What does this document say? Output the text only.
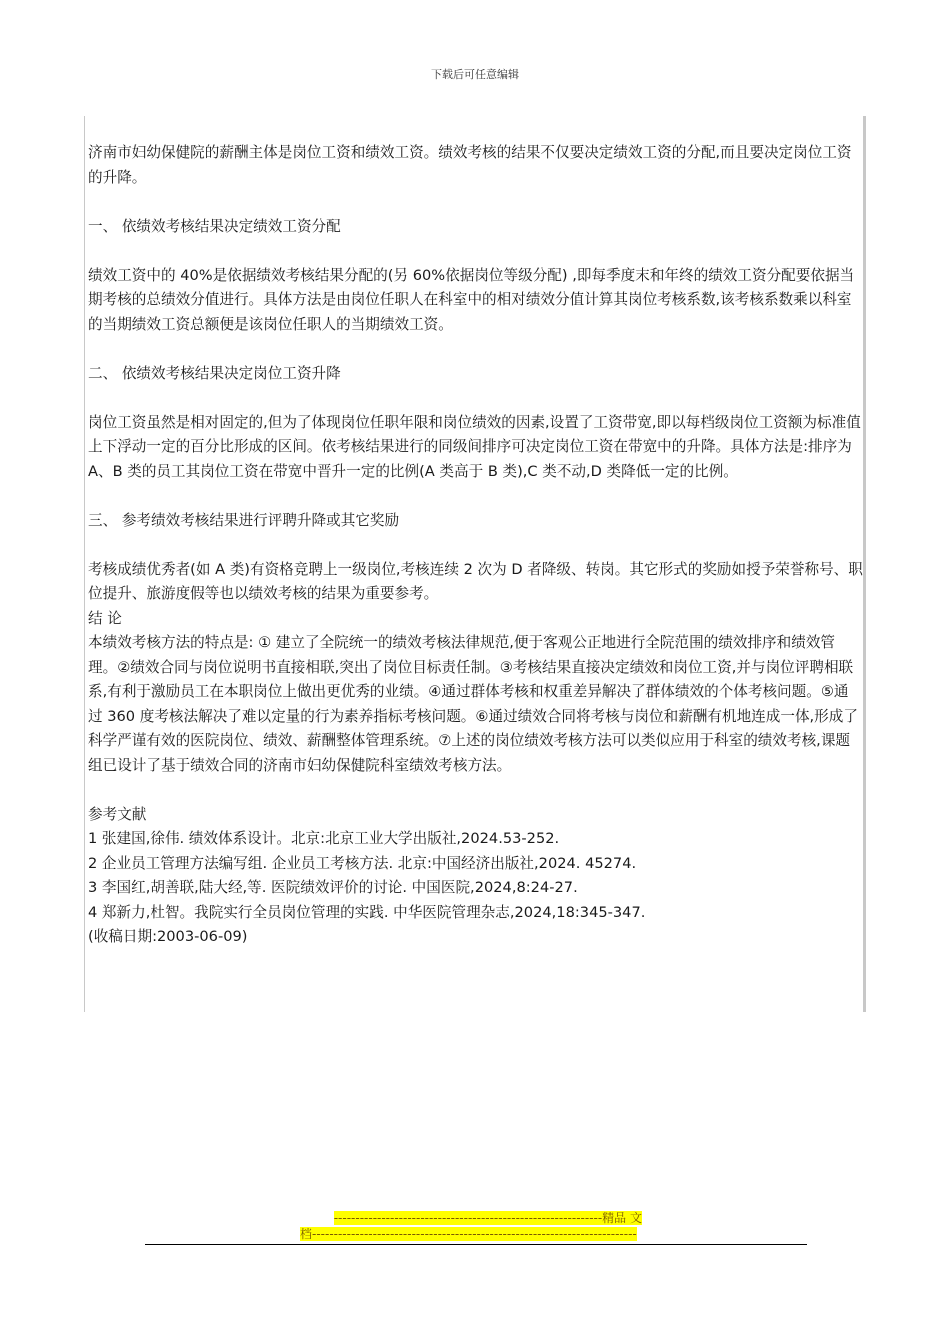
下载后可任意编辑

济南市妇幼保健院的薪酬主体是岗位工资和绩效工资。绩效考核的结果不仅要决定绩效工资的分配,而且要决定岗位工资的升降。

一、 依绩效考核结果决定绩效工资分配

绩效工资中的 40%是依据绩效考核结果分配的(另 60%依据岗位等级分配) ,即每季度末和年终的绩效工资分配要依据当期考核的总绩效分值进行。具体方法是由岗位任职人在科室中的相对绩效分值计算其岗位考核系数,该考核系数乘以科室的当期绩效工资总额便是该岗位任职人的当期绩效工资。

二、 依绩效考核结果决定岗位工资升降

岗位工资虽然是相对固定的,但为了体现岗位任职年限和岗位绩效的因素,设置了工资带宽,即以每档级岗位工资额为标准值上下浮动一定的百分比形成的区间。依考核结果进行的同级间排序可决定岗位工资在带宽中的升降。具体方法是:排序为 A、B 类的员工其岗位工资在带宽中晋升一定的比例(A 类高于 B 类),C 类不动,D 类降低一定的比例。

三、 参考绩效考核结果进行评聘升降或其它奖励

考核成绩优秀者(如 A 类)有资格竞聘上一级岗位,考核连续 2 次为 D 者降级、转岗。其它形式的奖励如授予荣誉称号、职位提升、旅游度假等也以绩效考核的结果为重要参考。

结 论

本绩效考核方法的特点是: ① 建立了全院统一的绩效考核法律规范,便于客观公正地进行全院范围的绩效排序和绩效管理。②绩效合同与岗位说明书直接相联,突出了岗位目标责任制。③考核结果直接决定绩效和岗位工资,并与岗位评聘相联系,有利于激励员工在本职岗位上做出更优秀的业绩。④通过群体考核和权重差异解决了群体绩效的个体考核问题。⑤通过 360 度考核法解决了难以定量的行为素养指标考核问题。⑥通过绩效合同将考核与岗位和薪酬有机地连成一体,形成了科学严谨有效的医院岗位、绩效、薪酬整体管理系统。⑦上述的岗位绩效考核方法可以类似应用于科室的绩效考核,课题组已设计了基于绩效合同的济南市妇幼保健院科室绩效考核方法。

参考文献

1 张建国,徐伟. 绩效体系设计。北京:北京工业大学出版社,2024.53-252.

2 企业员工管理方法编写组. 企业员工考核方法. 北京:中国经济出版社,2024. 45274.

3 李国红,胡善联,陆大经,等. 医院绩效评价的讨论. 中国医院,2024,8:24-27.

4 郑新力,杜智。我院实行全员岗位管理的实践. 中华医院管理杂志,2024,18:345-347.

(收稿日期:2003-06-09)

--------------------------------------------------------------精品 文
档---------------------------------------------------------------------------
